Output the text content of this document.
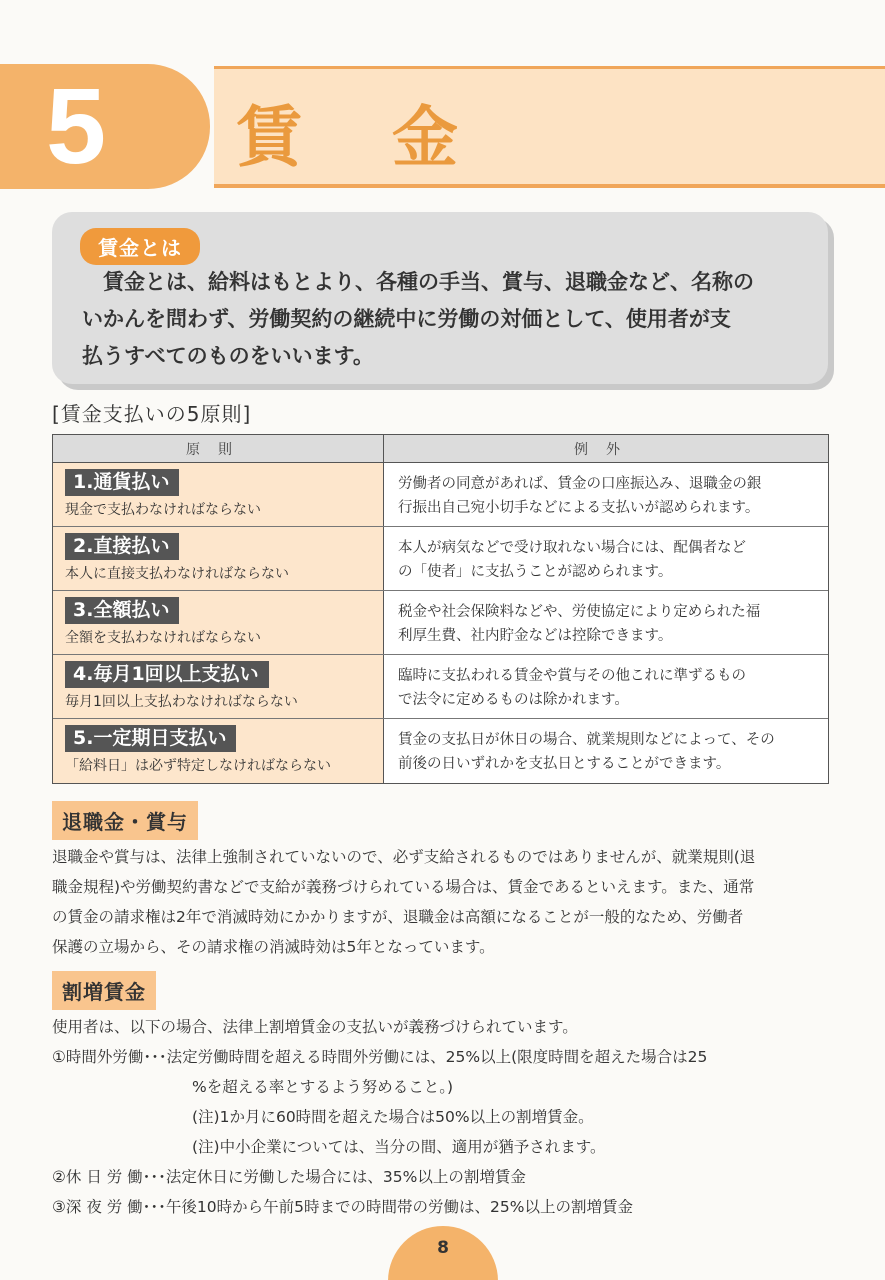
5 賃金
賃金とは
賃金とは、給料はもとより、各種の手当、賞与、退職金など、名称の
いかんを問わず、労働契約の継続中に労働の対価として、使用者が支
払うすべてのものをいいます。
[賃金支払いの5原則]
原則	例外
1.通貨払い
現金で支払わなければならない
労働者の同意があれば、賃金の口座振込み、退職金の銀
行振出自己宛小切手などによる支払いが認められます。
2.直接払い
本人に直接支払わなければならない
本人が病気などで受け取れない場合には、配偶者など
の「使者」に支払うことが認められます。
3.全額払い
全額を支払わなければならない
税金や社会保険料などや、労使協定により定められた福
利厚生費、社内貯金などは控除できます。
4.毎月1回以上支払い
毎月1回以上支払わなければならない
臨時に支払われる賃金や賞与その他これに準ずるもの
で法令に定めるものは除かれます。
5.一定期日支払い
「給料日」は必ず特定しなければならない
賃金の支払日が休日の場合、就業規則などによって、その
前後の日いずれかを支払日とすることができます。
退職金・賞与
退職金や賞与は、法律上強制されていないので、必ず支給されるものではありませんが、就業規則(退
職金規程)や労働契約書などで支給が義務づけられている場合は、賃金であるといえます。また、通常
の賃金の請求権は2年で消滅時効にかかりますが、退職金は高額になることが一般的なため、労働者
保護の立場から、その請求権の消滅時効は5年となっています。
割増賃金
使用者は、以下の場合、法律上割増賃金の支払いが義務づけられています。
①時間外労働･･･法定労働時間を超える時間外労働には、25%以上(限度時間を超えた場合は25
%を超える率とするよう努めること。)
(注)1か月に60時間を超えた場合は50%以上の割増賃金。
(注)中小企業については、当分の間、適用が猶予されます。
②休 日 労 働･･･法定休日に労働した場合には、35%以上の割増賃金
③深 夜 労 働･･･午後10時から午前5時までの時間帯の労働は、25%以上の割増賃金
8
